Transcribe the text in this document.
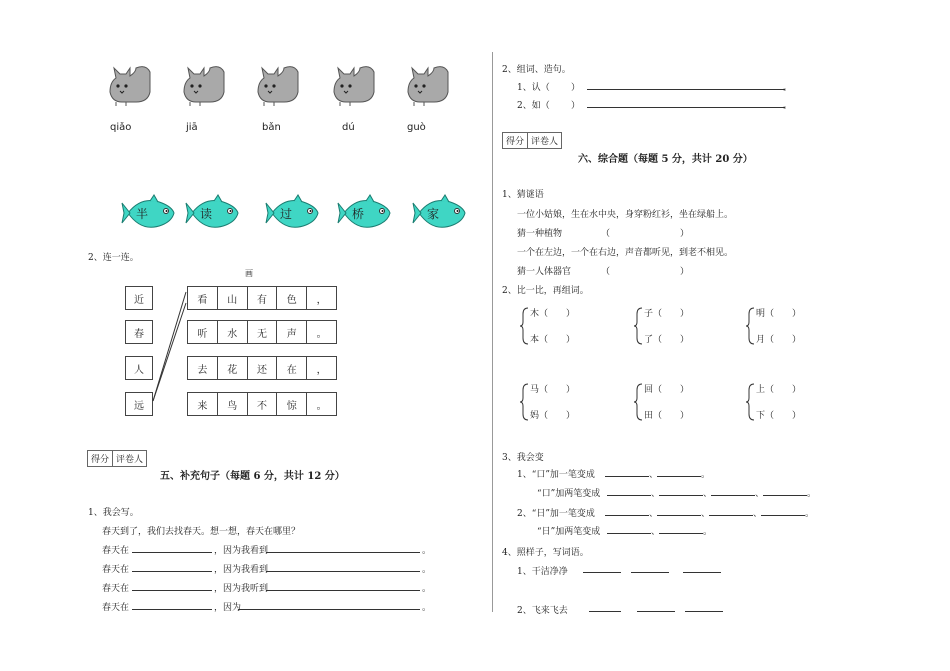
qiǎo	jiā	bǎn	dú	guò
半	读	过	桥	家
2、连一连。
画
近
春
人
远
看	山	有	色	，
听	水	无	声	。
去	花	还	在	，
来	鸟	不	惊	。
得分 评卷人
五、补充句子（每题 6 分，共计 12 分）
1、我会写。
春天到了，我们去找春天。想一想，春天在哪里？
春天在	，因为我看到	。
春天在	，因为我看到	。
春天在	，因为我听到	。
春天在	，因为	。
2、组词、造句。
1、认（ ）	。
2、如（ ）	。
得分 评卷人
六、综合题（每题 5 分，共计 20 分）
1、猜谜语
一位小姑娘，生在水中央，身穿粉红衫，坐在绿船上。
猜一种植物	（	）
一个在左边，一个在右边，声音都听见，到老不相见。
猜一人体器官	（	）
2、比一比，再组词。
木（　　）
本（　　）
子（　　）
了（　　）
明（　　）
月（　　）
马（　　）
妈（　　）
回（　　）
田（　　）
上（　　）
下（　　）
3、我会变
1、“口”加一笔变成	、	。
“口”加两笔变成	、	、	、	。
2、“日”加一笔变成	、	、	、	。
“日”加两笔变成	、	。
4、照样子，写词语。
1、干洁净净
2、飞来飞去
